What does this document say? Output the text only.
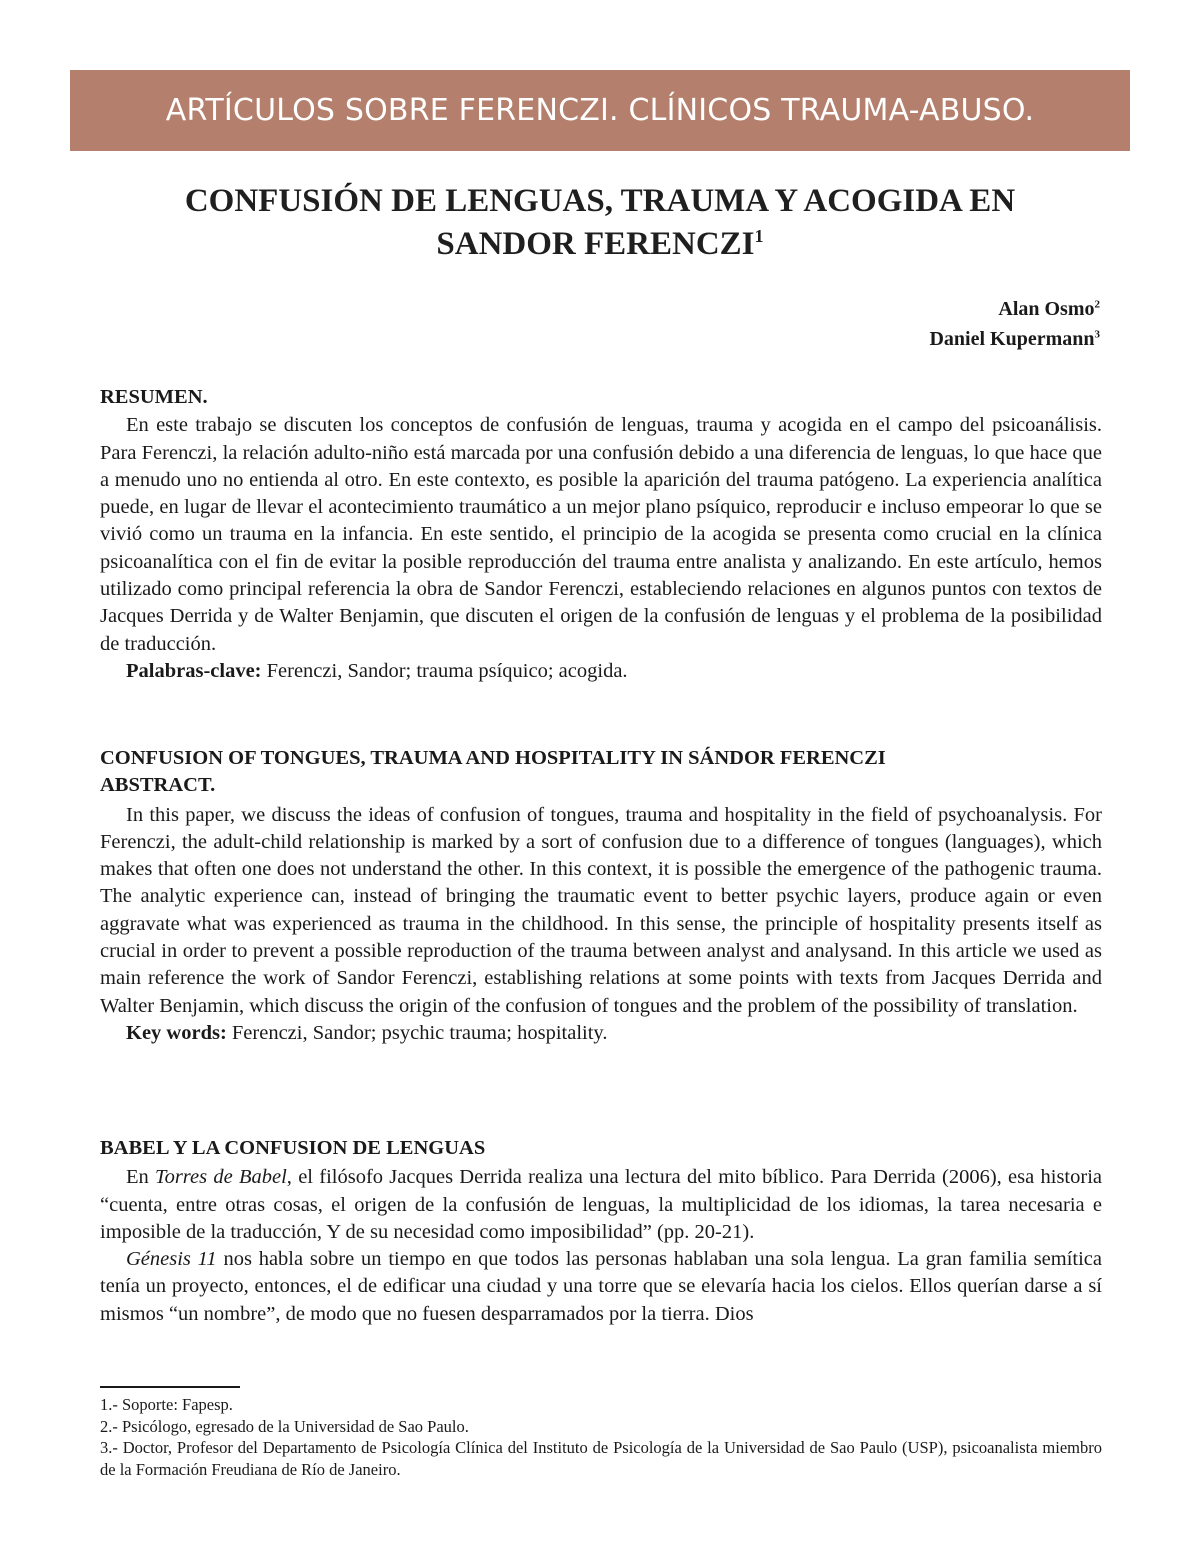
ARTÍCULOS SOBRE FERENCZI. CLÍNICOS TRAUMA-ABUSO.
CONFUSIÓN DE LENGUAS, TRAUMA Y ACOGIDA EN
SANDOR FERENCZI$^1$
Alan Osmo$^2$
Daniel Kupermann$^3$

RESUMEN.

En este trabajo se discuten los conceptos de confusión de lenguas, trauma y acogida en el campo del psicoanálisis. Para Ferenczi, la relación adulto-niño está marcada por una confusión debido a una diferencia de lenguas, lo que hace que a menudo uno no entienda al otro. En este contexto, es posible la aparición del trauma patógeno. La experiencia analítica puede, en lugar de llevar el acontecimiento traumático a un mejor plano psíquico, reproducir e incluso empeorar lo que se vivió como un trauma en la infancia. En este sentido, el principio de la acogida se presenta como crucial en la clínica psicoanalítica con el fin de evitar la posible reproducción del trauma entre analista y analizando. En este artículo, hemos utilizado como principal referencia la obra de Sandor Ferenczi, estableciendo relaciones en algunos puntos con textos de Jacques Derrida y de Walter Benjamin, que discuten el origen de la confusión de lenguas y el problema de la posibilidad de traducción.

Palabras-clave: Ferenczi, Sandor; trauma psíquico; acogida.

CONFUSION OF TONGUES, TRAUMA AND HOSPITALITY IN SÁNDOR FERENCZI

ABSTRACT.

In this paper, we discuss the ideas of confusion of tongues, trauma and hospitality in the field of psychoanalysis. For Ferenczi, the adult-child relationship is marked by a sort of confusion due to a difference of tongues (languages), which makes that often one does not understand the other. In this context, it is possible the emergence of the pathogenic trauma. The analytic experience can, instead of bringing the traumatic event to better psychic layers, produce again or even aggravate what was experienced as trauma in the childhood. In this sense, the principle of hospitality presents itself as crucial in order to prevent a possible reproduction of the trauma between analyst and analysand. In this article we used as main reference the work of Sandor Ferenczi, establishing relations at some points with texts from Jacques Derrida and Walter Benjamin, which discuss the origin of the confusion of tongues and the problem of the possibility of translation.

Key words: Ferenczi, Sandor; psychic trauma; hospitality.

BABEL Y LA CONFUSION DE LENGUAS

En Torres de Babel, el filósofo Jacques Derrida realiza una lectura del mito bíblico. Para Derrida (2006), esa historia “cuenta, entre otras cosas, el origen de la confusión de lenguas, la multiplicidad de los idiomas, la tarea necesaria e imposible de la traducción, Y de su necesidad como imposibilidad” (pp. 20-21).

Génesis 11 nos habla sobre un tiempo en que todos las personas hablaban una sola lengua. La gran familia semítica tenía un proyecto, entonces, el de edificar una ciudad y una torre que se elevaría hacia los cielos. Ellos querían darse a sí mismos “un nombre”, de modo que no fuesen desparramados por la tierra. Dios

1.- Soporte: Fapesp.

2.- Psicólogo, egresado de la Universidad de Sao Paulo.

3.- Doctor, Profesor del Departamento de Psicología Clínica del Instituto de Psicología de la Universidad de Sao Paulo (USP), psicoanalista miembro de la Formación Freudiana de Río de Janeiro.
